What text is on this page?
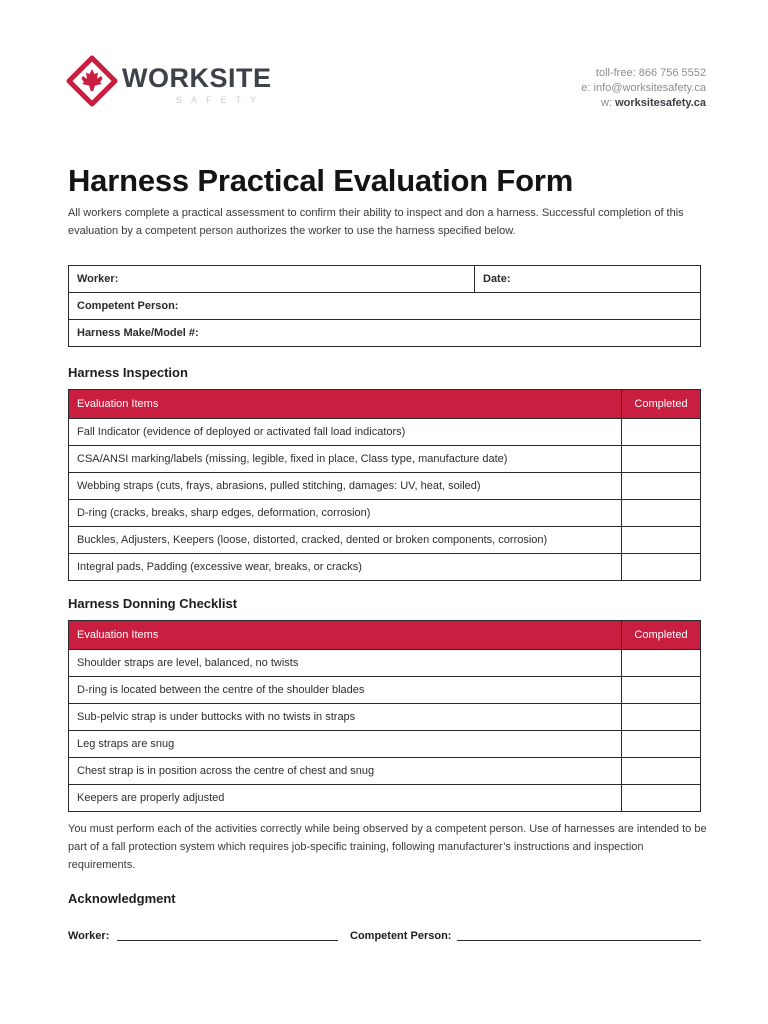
WORKSITE
SAFETY
toll-free: 866 756 5552
e: info@worksitesafety.ca
w: worksitesafety.ca
Harness Practical Evaluation Form

All workers complete a practical assessment to confirm their ability to inspect and don a harness. Successful completion of this evaluation by a competent person authorizes the worker to use the harness specified below.

Worker:	Date:
Competent Person:
Harness Make/Model #:
Harness Inspection
Evaluation Items	Completed
Fall Indicator (evidence of deployed or activated fall load indicators)	
CSA/ANSI marking/labels (missing, legible, fixed in place, Class type, manufacture date)	
Webbing straps (cuts, frays, abrasions, pulled stitching, damages: UV, heat, soiled)	
D-ring (cracks, breaks, sharp edges, deformation, corrosion)	
Buckles, Adjusters, Keepers (loose, distorted, cracked, dented or broken components, corrosion)	
Integral pads, Padding (excessive wear, breaks, or cracks)	
Harness Donning Checklist
Evaluation Items	Completed
Shoulder straps are level, balanced, no twists	
D-ring is located between the centre of the shoulder blades	
Sub-pelvic strap is under buttocks with no twists in straps	
Leg straps are snug	
Chest strap is in position across the centre of chest and snug	
Keepers are properly adjusted	

You must perform each of the activities correctly while being observed by a competent person. Use of harnesses are intended to be part of a fall protection system which requires job-specific training, following manufacturer’s instructions and inspection requirements.

Acknowledgment
Worker:	Competent Person:
